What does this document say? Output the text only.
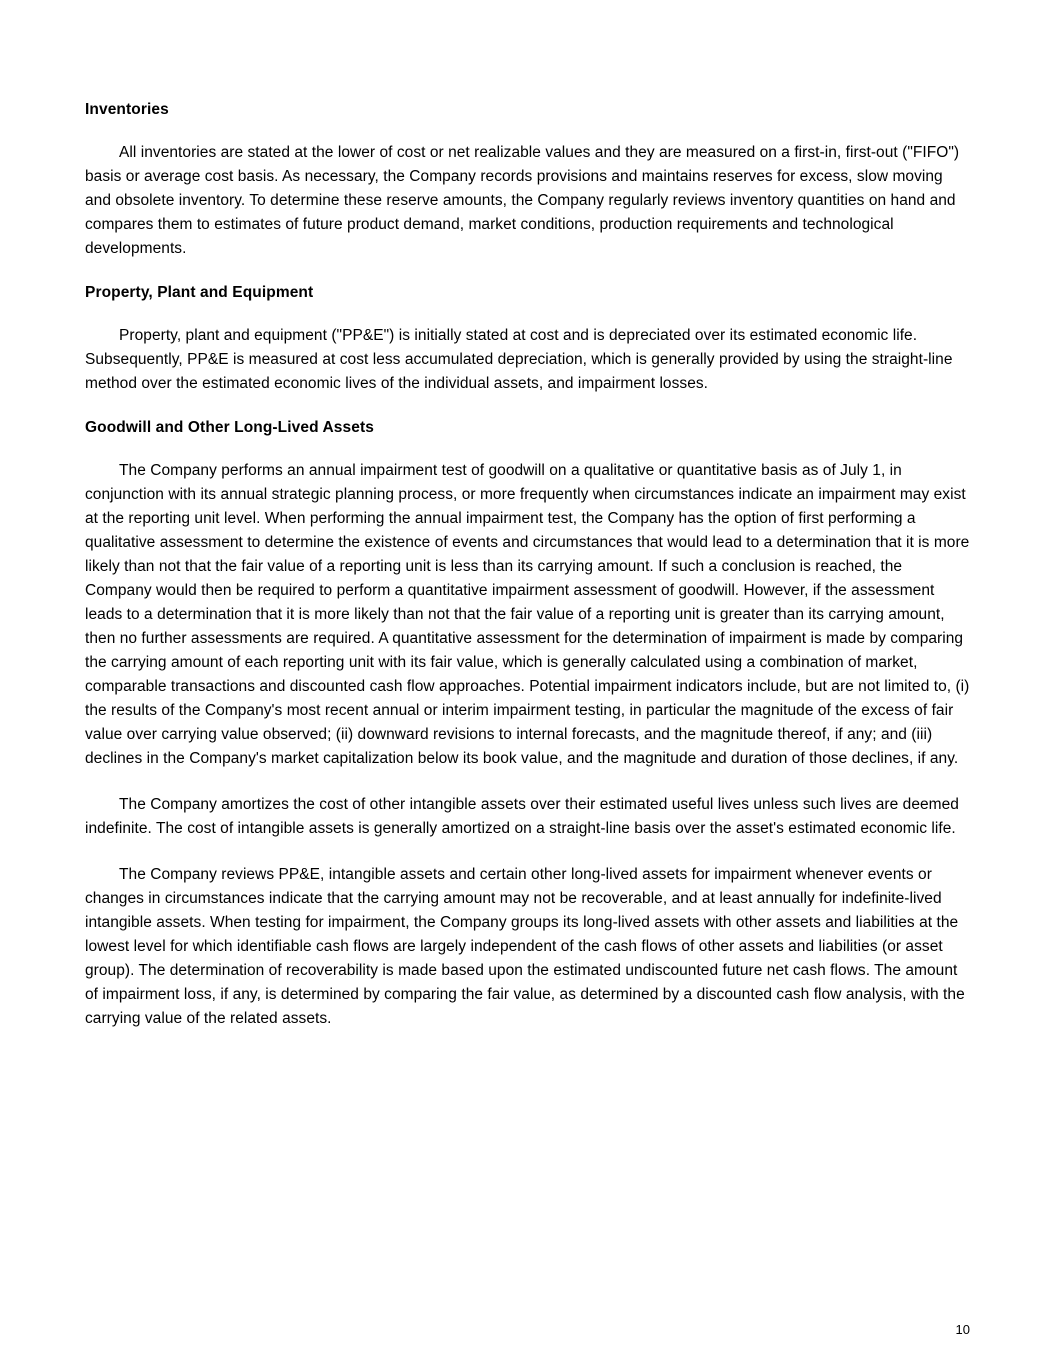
Inventories

All inventories are stated at the lower of cost or net realizable values and they are measured on a first-in, first-out ("FIFO") basis or average cost basis. As necessary, the Company records provisions and maintains reserves for excess, slow moving and obsolete inventory. To determine these reserve amounts, the Company regularly reviews inventory quantities on hand and compares them to estimates of future product demand, market conditions, production requirements and technological developments.

Property, Plant and Equipment

Property, plant and equipment ("PP&E") is initially stated at cost and is depreciated over its estimated economic life. Subsequently, PP&E is measured at cost less accumulated depreciation, which is generally provided by using the straight-line method over the estimated economic lives of the individual assets, and impairment losses.

Goodwill and Other Long-Lived Assets

The Company performs an annual impairment test of goodwill on a qualitative or quantitative basis as of July 1, in conjunction with its annual strategic planning process, or more frequently when circumstances indicate an impairment may exist at the reporting unit level. When performing the annual impairment test, the Company has the option of first performing a qualitative assessment to determine the existence of events and circumstances that would lead to a determination that it is more likely than not that the fair value of a reporting unit is less than its carrying amount. If such a conclusion is reached, the Company would then be required to perform a quantitative impairment assessment of goodwill. However, if the assessment leads to a determination that it is more likely than not that the fair value of a reporting unit is greater than its carrying amount, then no further assessments are required. A quantitative assessment for the determination of impairment is made by comparing the carrying amount of each reporting unit with its fair value, which is generally calculated using a combination of market, comparable transactions and discounted cash flow approaches. Potential impairment indicators include, but are not limited to, (i) the results of the Company's most recent annual or interim impairment testing, in particular the magnitude of the excess of fair value over carrying value observed; (ii) downward revisions to internal forecasts, and the magnitude thereof, if any; and (iii) declines in the Company's market capitalization below its book value, and the magnitude and duration of those declines, if any.

The Company amortizes the cost of other intangible assets over their estimated useful lives unless such lives are deemed indefinite. The cost of intangible assets is generally amortized on a straight-line basis over the asset's estimated economic life.

The Company reviews PP&E, intangible assets and certain other long-lived assets for impairment whenever events or changes in circumstances indicate that the carrying amount may not be recoverable, and at least annually for indefinite-lived intangible assets. When testing for impairment, the Company groups its long-lived assets with other assets and liabilities at the lowest level for which identifiable cash flows are largely independent of the cash flows of other assets and liabilities (or asset group). The determination of recoverability is made based upon the estimated undiscounted future net cash flows. The amount of impairment loss, if any, is determined by comparing the fair value, as determined by a discounted cash flow analysis, with the carrying value of the related assets.

10
